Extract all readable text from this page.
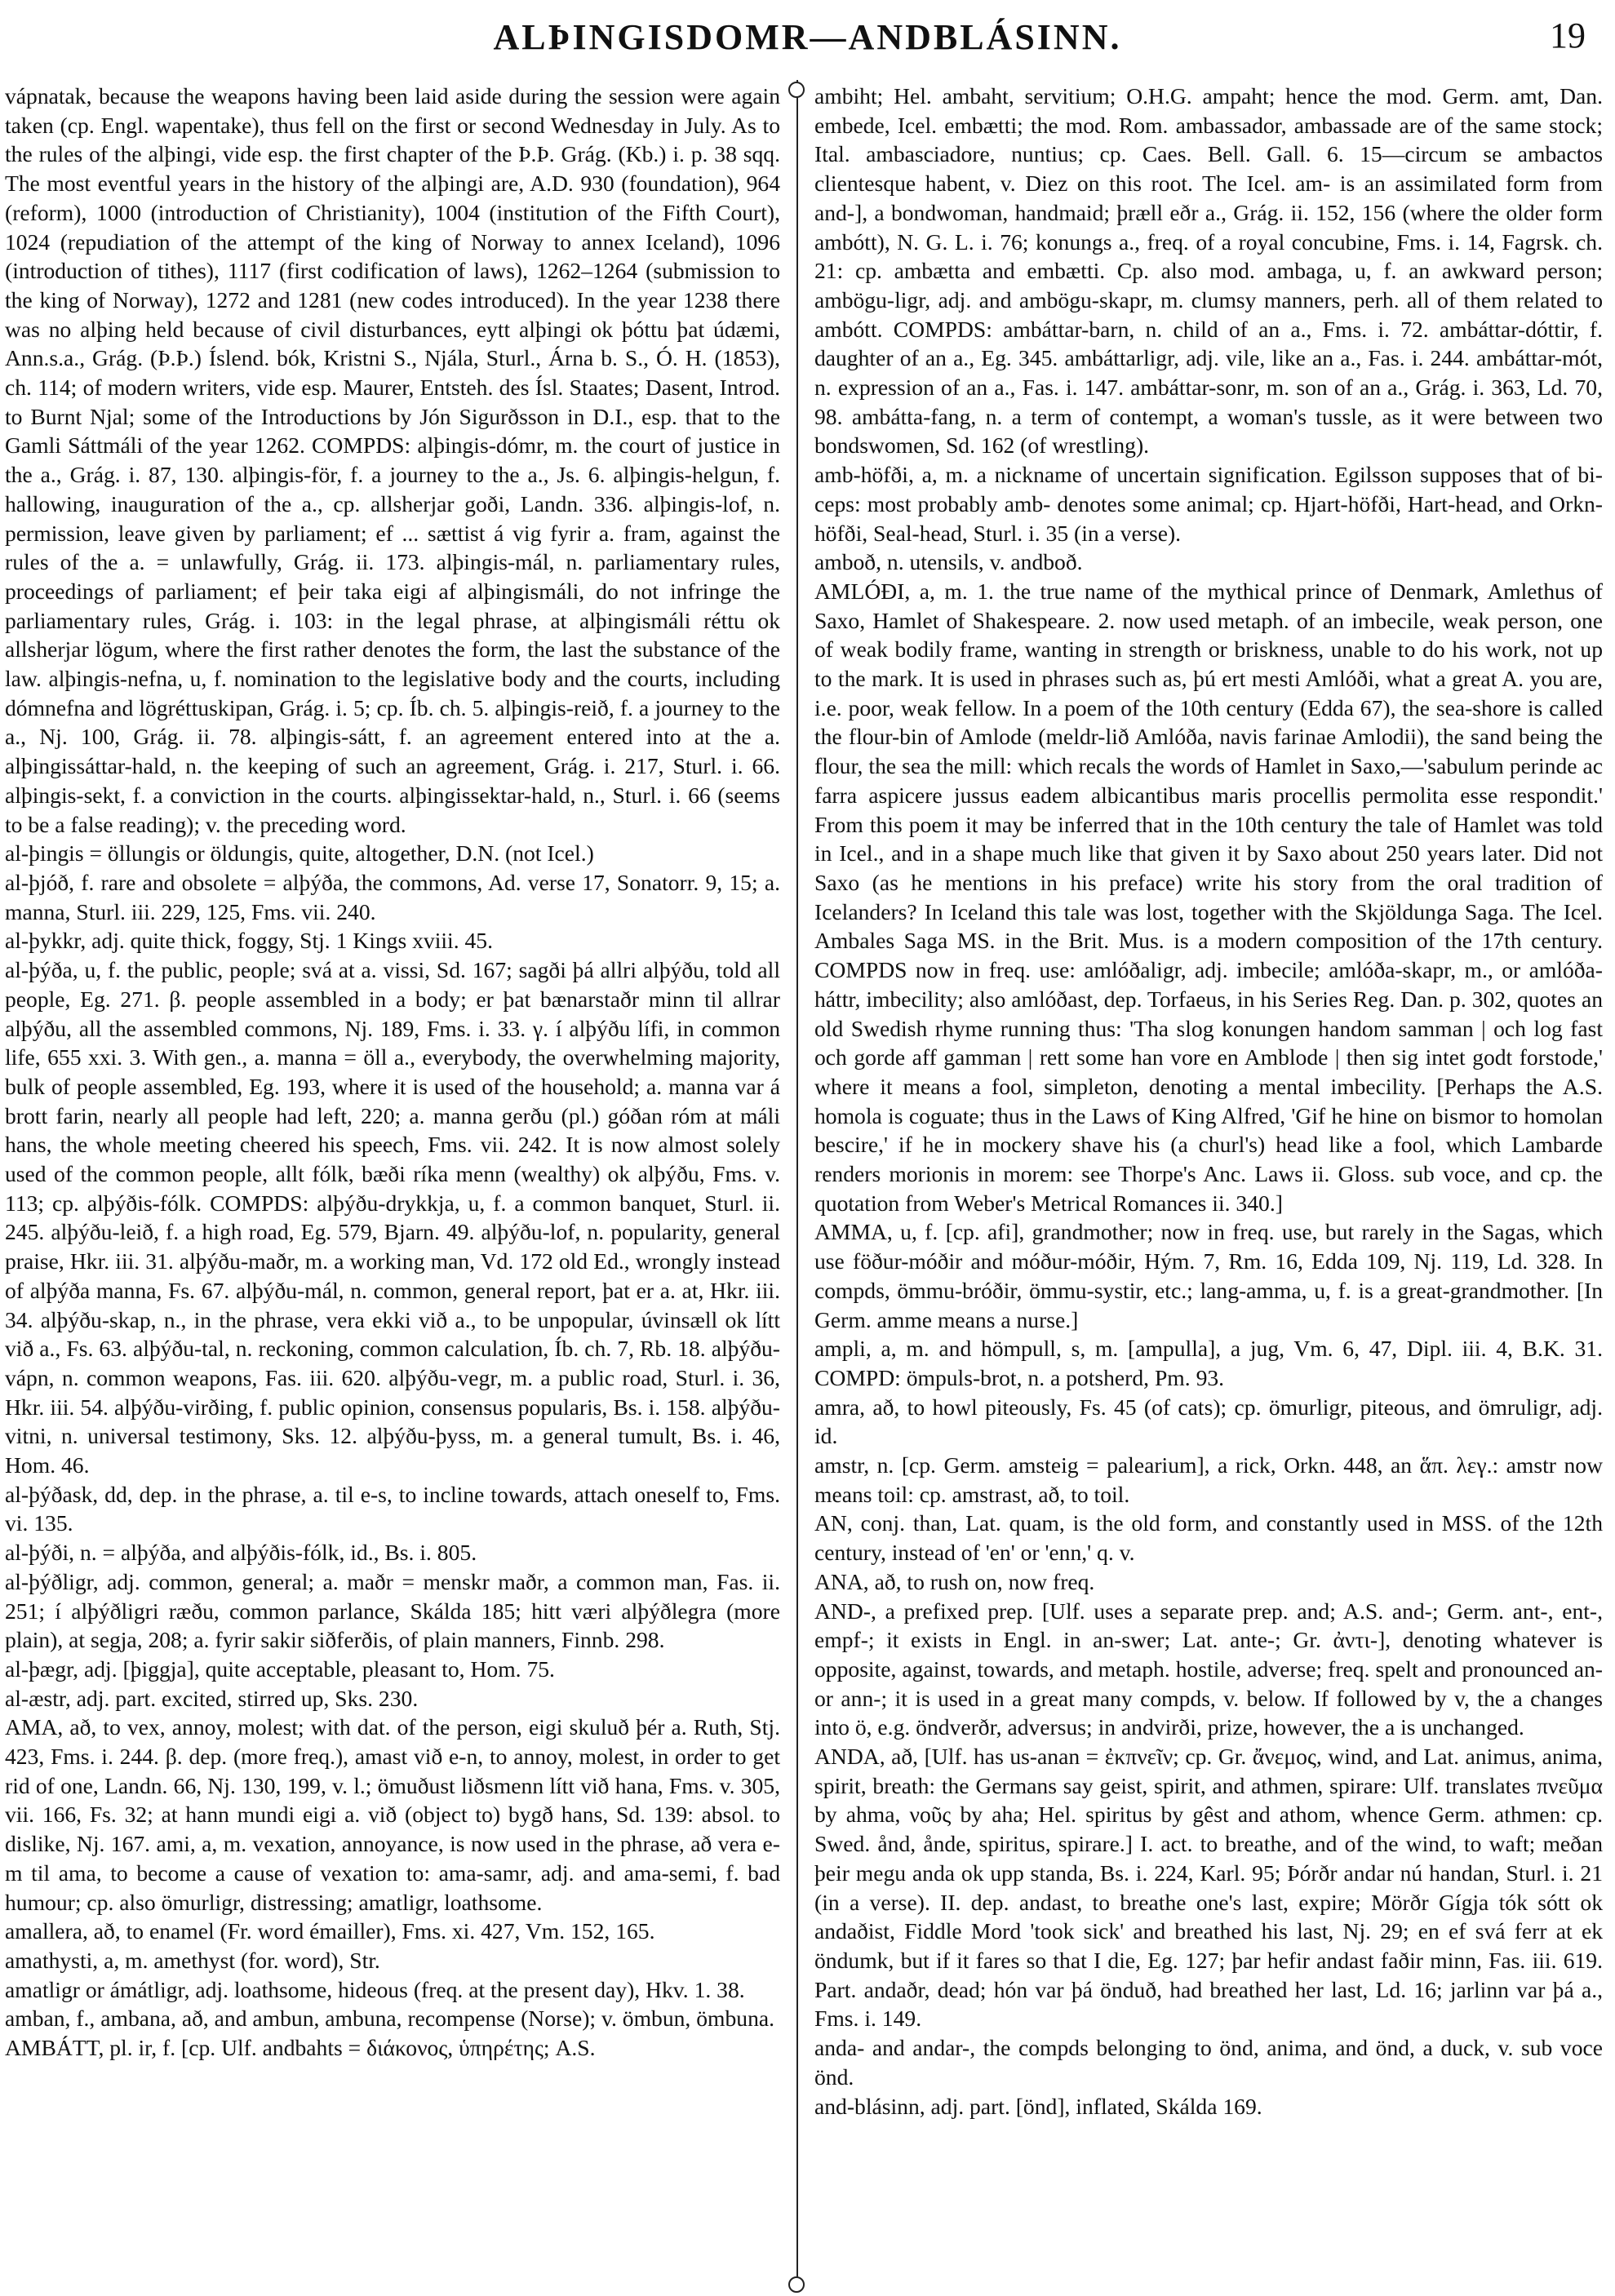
ALÞINGISDOMR—ANDBLÁSINN.	19

vápnatak, because the weapons having been laid aside during the session were again taken (cp. Engl. wapentake), thus fell on the first or second Wednesday in July. As to the rules of the alþingi, vide esp. the first chapter of the Þ.Þ. Grág. (Kb.) i. p. 38 sqq. The most eventful years in the history of the alþingi are, A.D. 930 (foundation), 964 (reform), 1000 (introduction of Christianity), 1004 (institution of the Fifth Court), 1024 (repudiation of the attempt of the king of Norway to annex Iceland), 1096 (introduction of tithes), 1117 (first codification of laws), 1262–1264 (submission to the king of Norway), 1272 and 1281 (new codes introduced). In the year 1238 there was no alþing held because of civil disturbances, eytt alþingi ok þóttu þat údæmi, Ann.s.a., Grág. (Þ.Þ.) Íslend. bók, Kristni S., Njála, Sturl., Árna b. S., Ó. H. (1853), ch. 114; of modern writers, vide esp. Maurer, Entsteh. des Ísl. Staates; Dasent, Introd. to Burnt Njal; some of the Introductions by Jón Sigurðsson in D.I., esp. that to the Gamli Sáttmáli of the year 1262. COMPDS: alþingis-dómr, m. the court of justice in the a., Grág. i. 87, 130. alþingis-för, f. a journey to the a., Js. 6. alþingis-helgun, f. hallowing, inauguration of the a., cp. allsherjar goði, Landn. 336. alþingis-lof, n. permission, leave given by parliament; ef ... sættist á vig fyrir a. fram, against the rules of the a. = unlawfully, Grág. ii. 173. alþingis-mál, n. parliamentary rules, proceedings of parliament; ef þeir taka eigi af alþingismáli, do not infringe the parliamentary rules, Grág. i. 103: in the legal phrase, at alþingismáli réttu ok allsherjar lögum, where the first rather denotes the form, the last the substance of the law. alþingis-nefna, u, f. nomination to the legislative body and the courts, including dómnefna and lögréttuskipan, Grág. i. 5; cp. Íb. ch. 5. alþingis-reið, f. a journey to the a., Nj. 100, Grág. ii. 78. alþingis-sátt, f. an agreement entered into at the a. alþingissáttar-hald, n. the keeping of such an agreement, Grág. i. 217, Sturl. i. 66. alþingis-sekt, f. a conviction in the courts. alþingissektar-hald, n., Sturl. i. 66 (seems to be a false reading); v. the preceding word.

al-þingis = öllungis or öldungis, quite, altogether, D.N. (not Icel.)

al-þjóð, f. rare and obsolete = alþýða, the commons, Ad. verse 17, Sonatorr. 9, 15; a. manna, Sturl. iii. 229, 125, Fms. vii. 240.

al-þykkr, adj. quite thick, foggy, Stj. 1 Kings xviii. 45.

al-þýða, u, f. the public, people; svá at a. vissi, Sd. 167; sagði þá allri alþýðu, told all people, Eg. 271. β. people assembled in a body; er þat bænarstaðr minn til allrar alþýðu, all the assembled commons, Nj. 189, Fms. i. 33. γ. í alþýðu lífi, in common life, 655 xxi. 3. With gen., a. manna = öll a., everybody, the overwhelming majority, bulk of people assembled, Eg. 193, where it is used of the household; a. manna var á brott farin, nearly all people had left, 220; a. manna gerðu (pl.) góðan róm at máli hans, the whole meeting cheered his speech, Fms. vii. 242. It is now almost solely used of the common people, allt fólk, bæði ríka menn (wealthy) ok alþýðu, Fms. v. 113; cp. alþýðis-fólk. COMPDS: alþýðu-drykkja, u, f. a common banquet, Sturl. ii. 245. alþýðu-leið, f. a high road, Eg. 579, Bjarn. 49. alþýðu-lof, n. popularity, general praise, Hkr. iii. 31. alþýðu-maðr, m. a working man, Vd. 172 old Ed., wrongly instead of alþýða manna, Fs. 67. alþýðu-mál, n. common, general report, þat er a. at, Hkr. iii. 34. alþýðu-skap, n., in the phrase, vera ekki við a., to be unpopular, úvinsæll ok lítt við a., Fs. 63. alþýðu-tal, n. reckoning, common calculation, Íb. ch. 7, Rb. 18. alþýðu-vápn, n. common weapons, Fas. iii. 620. alþýðu-vegr, m. a public road, Sturl. i. 36, Hkr. iii. 54. alþýðu-virðing, f. public opinion, consensus popularis, Bs. i. 158. alþýðu-vitni, n. universal testimony, Sks. 12. alþýðu-þyss, m. a general tumult, Bs. i. 46, Hom. 46.

al-þýðask, dd, dep. in the phrase, a. til e-s, to incline towards, attach oneself to, Fms. vi. 135.

al-þýði, n. = alþýða, and alþýðis-fólk, id., Bs. i. 805.

al-þýðligr, adj. common, general; a. maðr = menskr maðr, a common man, Fas. ii. 251; í alþýðligri ræðu, common parlance, Skálda 185; hitt væri alþýðlegra (more plain), at segja, 208; a. fyrir sakir siðferðis, of plain manners, Finnb. 298.

al-þægr, adj. [þiggja], quite acceptable, pleasant to, Hom. 75.

al-æstr, adj. part. excited, stirred up, Sks. 230.

AMA, að, to vex, annoy, molest; with dat. of the person, eigi skuluð þér a. Ruth, Stj. 423, Fms. i. 244. β. dep. (more freq.), amast við e-n, to annoy, molest, in order to get rid of one, Landn. 66, Nj. 130, 199, v. l.; ömuðust liðsmenn lítt við hana, Fms. v. 305, vii. 166, Fs. 32; at hann mundi eigi a. við (object to) bygð hans, Sd. 139: absol. to dislike, Nj. 167. ami, a, m. vexation, annoyance, is now used in the phrase, að vera e-m til ama, to become a cause of vexation to: ama-samr, adj. and ama-semi, f. bad humour; cp. also ömurligr, distressing; amatligr, loathsome.

amallera, að, to enamel (Fr. word émailler), Fms. xi. 427, Vm. 152, 165.

amathysti, a, m. amethyst (for. word), Str.

amatligr or ámátligr, adj. loathsome, hideous (freq. at the present day), Hkv. 1. 38.

amban, f., ambana, að, and ambun, ambuna, recompense (Norse); v. ömbun, ömbuna.

AMBÁTT, pl. ir, f. [cp. Ulf. andbahts = διάκονος, ὑπηρέτης; A.S.

ambiht; Hel. ambaht, servitium; O.H.G. ampaht; hence the mod. Germ. amt, Dan. embede, Icel. embætti; the mod. Rom. ambassador, ambassade are of the same stock; Ital. ambasciadore, nuntius; cp. Caes. Bell. Gall. 6. 15—circum se ambactos clientesque habent, v. Diez on this root. The Icel. am- is an assimilated form from and-], a bondwoman, handmaid; þræll eðr a., Grág. ii. 152, 156 (where the older form ambótt), N. G. L. i. 76; konungs a., freq. of a royal concubine, Fms. i. 14, Fagrsk. ch. 21: cp. ambætta and embætti. Cp. also mod. ambaga, u, f. an awkward person; ambögu-ligr, adj. and ambögu-skapr, m. clumsy manners, perh. all of them related to ambótt. COMPDS: ambáttar-barn, n. child of an a., Fms. i. 72. ambáttar-dóttir, f. daughter of an a., Eg. 345. ambáttarligr, adj. vile, like an a., Fas. i. 244. ambáttar-mót, n. expression of an a., Fas. i. 147. ambáttar-sonr, m. son of an a., Grág. i. 363, Ld. 70, 98. ambátta-fang, n. a term of contempt, a woman's tussle, as it were between two bondswomen, Sd. 162 (of wrestling).

amb-höfði, a, m. a nickname of uncertain signification. Egilsson supposes that of bi-ceps: most probably amb- denotes some animal; cp. Hjart-höfði, Hart-head, and Orkn-höfði, Seal-head, Sturl. i. 35 (in a verse).

amboð, n. utensils, v. andboð.

AMLÓÐI, a, m. 1. the true name of the mythical prince of Denmark, Amlethus of Saxo, Hamlet of Shakespeare. 2. now used metaph. of an imbecile, weak person, one of weak bodily frame, wanting in strength or briskness, unable to do his work, not up to the mark. It is used in phrases such as, þú ert mesti Amlóði, what a great A. you are, i.e. poor, weak fellow. In a poem of the 10th century (Edda 67), the sea-shore is called the flour-bin of Amlode (meldr-lið Amlóða, navis farinae Amlodii), the sand being the flour, the sea the mill: which recals the words of Hamlet in Saxo,—'sabulum perinde ac farra aspicere jussus eadem albicantibus maris procellis permolita esse respondit.' From this poem it may be inferred that in the 10th century the tale of Hamlet was told in Icel., and in a shape much like that given it by Saxo about 250 years later. Did not Saxo (as he mentions in his preface) write his story from the oral tradition of Icelanders? In Iceland this tale was lost, together with the Skjöldunga Saga. The Icel. Ambales Saga MS. in the Brit. Mus. is a modern composition of the 17th century. COMPDS now in freq. use: amlóðaligr, adj. imbecile; amlóða-skapr, m., or amlóða-háttr, imbecility; also amlóðast, dep. Torfaeus, in his Series Reg. Dan. p. 302, quotes an old Swedish rhyme running thus: 'Tha slog konungen handom samman | och log fast och gorde aff gamman | rett some han vore en Amblode | then sig intet godt forstode,' where it means a fool, simpleton, denoting a mental imbecility. [Perhaps the A.S. homola is coguate; thus in the Laws of King Alfred, 'Gif he hine on bismor to homolan bescire,' if he in mockery shave his (a churl's) head like a fool, which Lambarde renders morionis in morem: see Thorpe's Anc. Laws ii. Gloss. sub voce, and cp. the quotation from Weber's Metrical Romances ii. 340.]

AMMA, u, f. [cp. afi], grandmother; now in freq. use, but rarely in the Sagas, which use föður-móðir and móður-móðir, Hým. 7, Rm. 16, Edda 109, Nj. 119, Ld. 328. In compds, ömmu-bróðir, ömmu-systir, etc.; lang-amma, u, f. is a great-grandmother. [In Germ. amme means a nurse.]

ampli, a, m. and hömpull, s, m. [ampulla], a jug, Vm. 6, 47, Dipl. iii. 4, B.K. 31. COMPD: ömpuls-brot, n. a potsherd, Pm. 93.

amra, að, to howl piteously, Fs. 45 (of cats); cp. ömurligr, piteous, and ömruligr, adj. id.

amstr, n. [cp. Germ. amsteig = palearium], a rick, Orkn. 448, an ἅπ. λεγ.: amstr now means toil: cp. amstrast, að, to toil.

AN, conj. than, Lat. quam, is the old form, and constantly used in MSS. of the 12th century, instead of 'en' or 'enn,' q. v.

ANA, að, to rush on, now freq.

AND-, a prefixed prep. [Ulf. uses a separate prep. and; A.S. and-; Germ. ant-, ent-, empf-; it exists in Engl. in an-swer; Lat. ante-; Gr. ἀντι-], denoting whatever is opposite, against, towards, and metaph. hostile, adverse; freq. spelt and pronounced an- or ann-; it is used in a great many compds, v. below. If followed by v, the a changes into ö, e.g. öndverðr, adversus; in andvirði, prize, however, the a is unchanged.

ANDA, að, [Ulf. has us-anan = ἐκπνεῖν; cp. Gr. ἄνεμος, wind, and Lat. animus, anima, spirit, breath: the Germans say geist, spirit, and athmen, spirare: Ulf. translates πνεῦμα by ahma, νοῦς by aha; Hel. spiritus by gêst and athom, whence Germ. athmen: cp. Swed. ånd, ånde, spiritus, spirare.] I. act. to breathe, and of the wind, to waft; meðan þeir megu anda ok upp standa, Bs. i. 224, Karl. 95; Þórðr andar nú handan, Sturl. i. 21 (in a verse). II. dep. andast, to breathe one's last, expire; Mörðr Gígja tók sótt ok andaðist, Fiddle Mord 'took sick' and breathed his last, Nj. 29; en ef svá ferr at ek öndumk, but if it fares so that I die, Eg. 127; þar hefir andast faðir minn, Fas. iii. 619. Part. andaðr, dead; hón var þá önduð, had breathed her last, Ld. 16; jarlinn var þá a., Fms. i. 149.

anda- and andar-, the compds belonging to önd, anima, and önd, a duck, v. sub voce önd.

and-blásinn, adj. part. [önd], inflated, Skálda 169.
